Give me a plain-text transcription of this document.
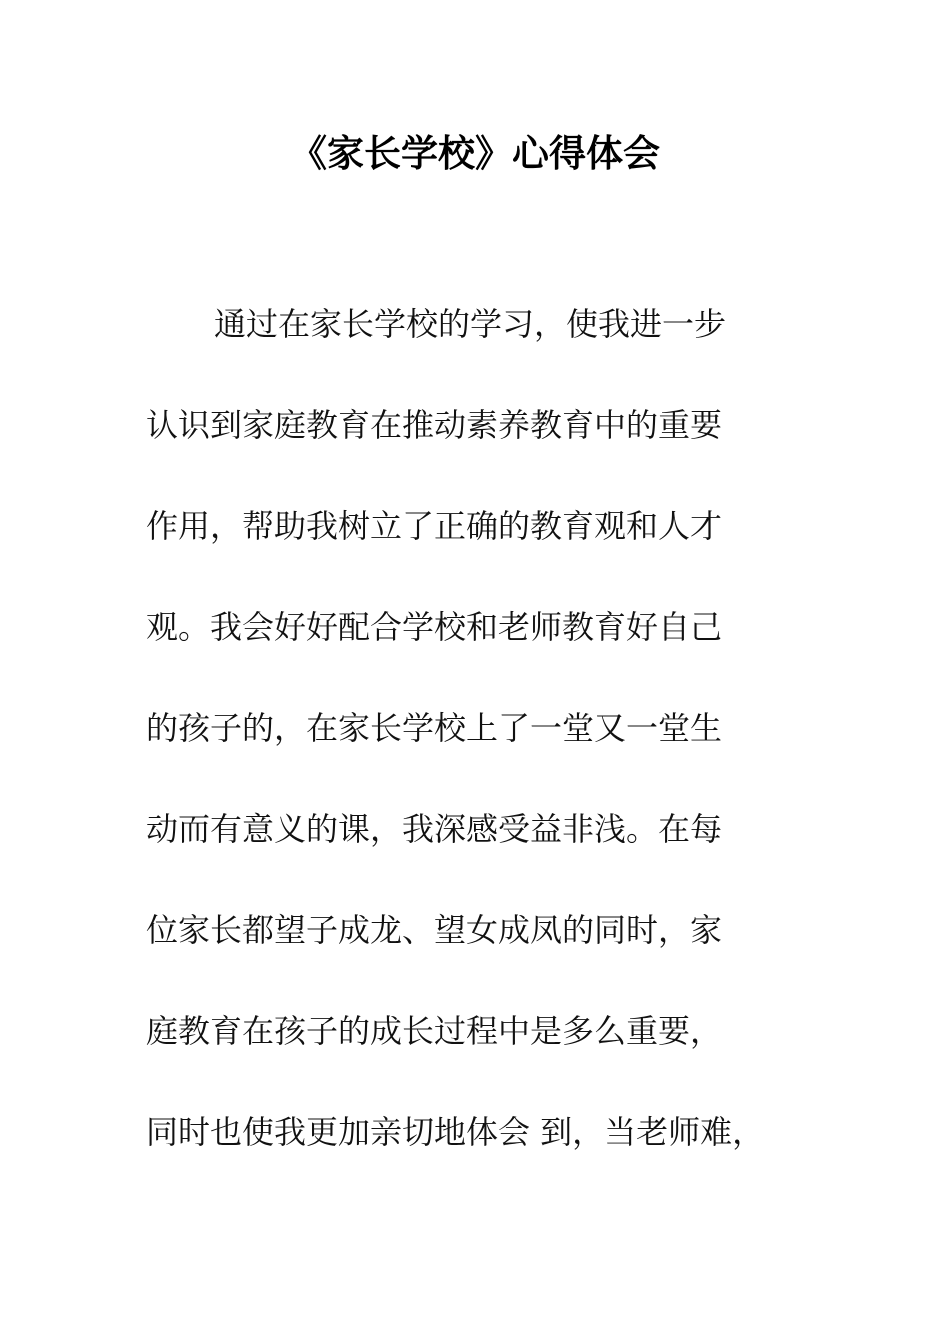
《家长学校》心得体会
通过在家长学校的学习，使我进一步
认识到家庭教育在推动素养教育中的重要
作用，帮助我树立了正确的教育观和人才
观。我会好好配合学校和老师教育好自己
的孩子的，在家长学校上了一堂又一堂生
动而有意义的课，我深感受益非浅。在每
位家长都望子成龙、望女成凤的同时，家
庭教育在孩子的成长过程中是多么重要，
同时也使我更加亲切地体会 到，当老师难，
